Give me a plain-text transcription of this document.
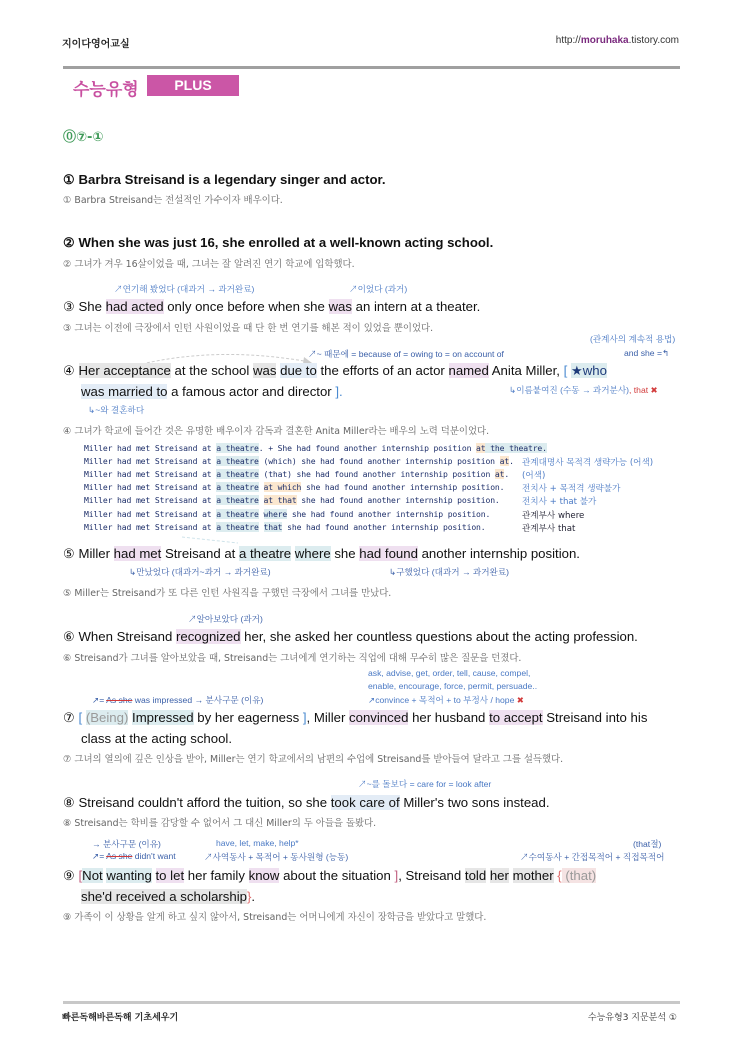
지이다영어교실	http://moruhaka.tistory.com
수능유형	PLUS
⓪⑦-①
① Barbra Streisand is a legendary singer and actor.
① Barbra Streisand는 전설적인 가수이자 배우이다.
② When she was just 16, she enrolled at a well-known acting school.
② 그녀가 겨우 16살이었을 때, 그녀는 잘 알려진 연기 학교에 입학했다.
↗연기해 봤었다 (대과거 → 과거완료)	↗이었다 (과거)
③ She had acted only once before when she was an intern at a theater.
③ 그녀는 이전에 극장에서 인턴 사원이었을 때 단 한 번 연기를 해본 적이 있었을 뿐이었다.
(관계사의 계속적 용법)
↗~ 때문에 = because of = owing to = on account of	and she =↰
④ Her acceptance at the school was due to the efforts of an actor named Anita Miller, [ ★who
was married to a famous actor and director ].	↳이름붙여진 (수동 → 과거분사), that ✖
↳~와 결혼하다
④ 그녀가 학교에 들어간 것은 유명한 배우이자 감독과 결혼한 Anita Miller라는 배우의 노력 덕분이었다.
Miller had met Streisand at a theatre. + She had found another internship position at the theatre.
Miller had met Streisand at a theatre (which) she had found another internship position at. 관계대명사 목적격 생략가능 (어색)
Miller had met Streisand at a theatre (that) she had found another internship position at. (어색)
Miller had met Streisand at a theatre at which she had found another internship position. 전치사 + 목적격 생략불가
Miller had met Streisand at a theatre at that she had found another internship position.	전치사 + that 불가
Miller had met Streisand at a theatre where she had found another internship position.	관계부사 where
Miller had met Streisand at a theatre that she had found another internship position.	관계부사 that
⑤ Miller had met Streisand at a theatre where she had found another internship position.
↳만났었다 (대과거~과거 → 과거완료)	↳구했었다 (대과거 → 과거완료)
⑤ Miller는 Streisand가 또 다른 인턴 사원직을 구했던 극장에서 그녀를 만났다.
↗알아보았다 (과거)
⑥ When Streisand recognized her, she asked her countless questions about the acting profession.
⑥ Streisand가 그녀를 알아보았을 때, Streisand는 그녀에게 연기하는 직업에 대해 무수히 많은 질문을 던졌다.
ask, advise, get, order, tell, cause, compel,
enable, encourage, force, permit, persuade..
↗= As she was impressed → 분사구문 (이유)	↗convince + 목적어 + to 부정사 / hope ✖
⑦ [ (Being) Impressed by her eagerness ], Miller convinced her husband to accept Streisand into his
class at the acting school.
⑦ 그녀의 열의에 깊은 인상을 받아, Miller는 연기 학교에서의 남편의 수업에 Streisand를 받아들여 달라고 그를 설득했다.
↗~를 돌보다 = care for = look after
⑧ Streisand couldn't afford the tuition, so she took care of Miller's two sons instead.
⑧ Streisand는 학비를 감당할 수 없어서 그 대신 Miller의 두 아들을 돌봤다.
→ 분사구문 (이유)	have, let, make, help*	(that절)
↗= As she didn't want	↗사역동사 + 목적어 + 동사원형 (능동)	↗수여동사 + 간접목적어 + 직접목적어
⑨ [Not wanting to let her family know about the situation ], Streisand told her mother { (that)
she'd received a scholarship}.
⑨ 가족이 이 상황을 알게 하고 싶지 않아서, Streisand는 어머니에게 자신이 장학금을 받았다고 말했다.
빠른독해바른독해 기초세우기	수능유형3 지문분석 ①
